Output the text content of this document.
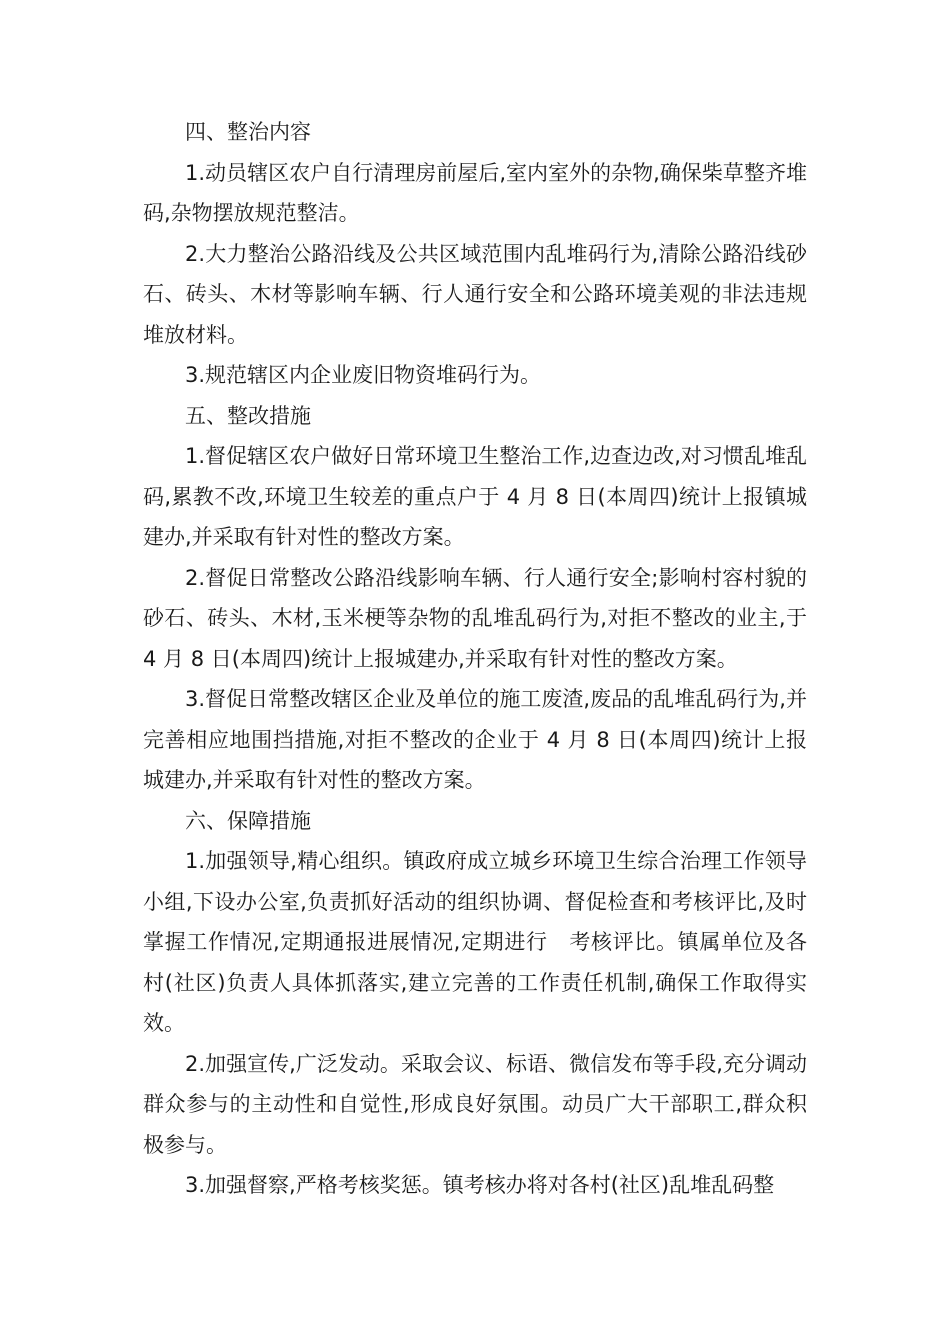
四、整治内容

1.动员辖区农户自行清理房前屋后,室内室外的杂物,确保柴草整齐堆码,杂物摆放规范整洁。

2.大力整治公路沿线及公共区域范围内乱堆码行为,清除公路沿线砂石、砖头、木材等影响车辆、行人通行安全和公路环境美观的非法违规堆放材料。

3.规范辖区内企业废旧物资堆码行为。

五、整改措施

1.督促辖区农户做好日常环境卫生整治工作,边查边改,对习惯乱堆乱码,累教不改,环境卫生较差的重点户于 4 月 8 日(本周四)统计上报镇城建办,并采取有针对性的整改方案。

2.督促日常整改公路沿线影响车辆、行人通行安全;影响村容村貌的砂石、砖头、木材,玉米梗等杂物的乱堆乱码行为,对拒不整改的业主,于 4 月 8 日(本周四)统计上报城建办,并采取有针对性的整改方案。

3.督促日常整改辖区企业及单位的施工废渣,废品的乱堆乱码行为,并完善相应地围挡措施,对拒不整改的企业于 4 月 8 日(本周四)统计上报城建办,并采取有针对性的整改方案。

六、保障措施

1.加强领导,精心组织。镇政府成立城乡环境卫生综合治理工作领导小组,下设办公室,负责抓好活动的组织协调、督促检查和考核评比,及时掌握工作情况,定期通报进展情况,定期进行　考核评比。镇属单位及各村(社区)负责人具体抓落实,建立完善的工作责任机制,确保工作取得实效。

2.加强宣传,广泛发动。采取会议、标语、微信发布等手段,充分调动群众参与的主动性和自觉性,形成良好氛围。动员广大干部职工,群众积极参与。

3.加强督察,严格考核奖惩。镇考核办将对各村(社区)乱堆乱码整
